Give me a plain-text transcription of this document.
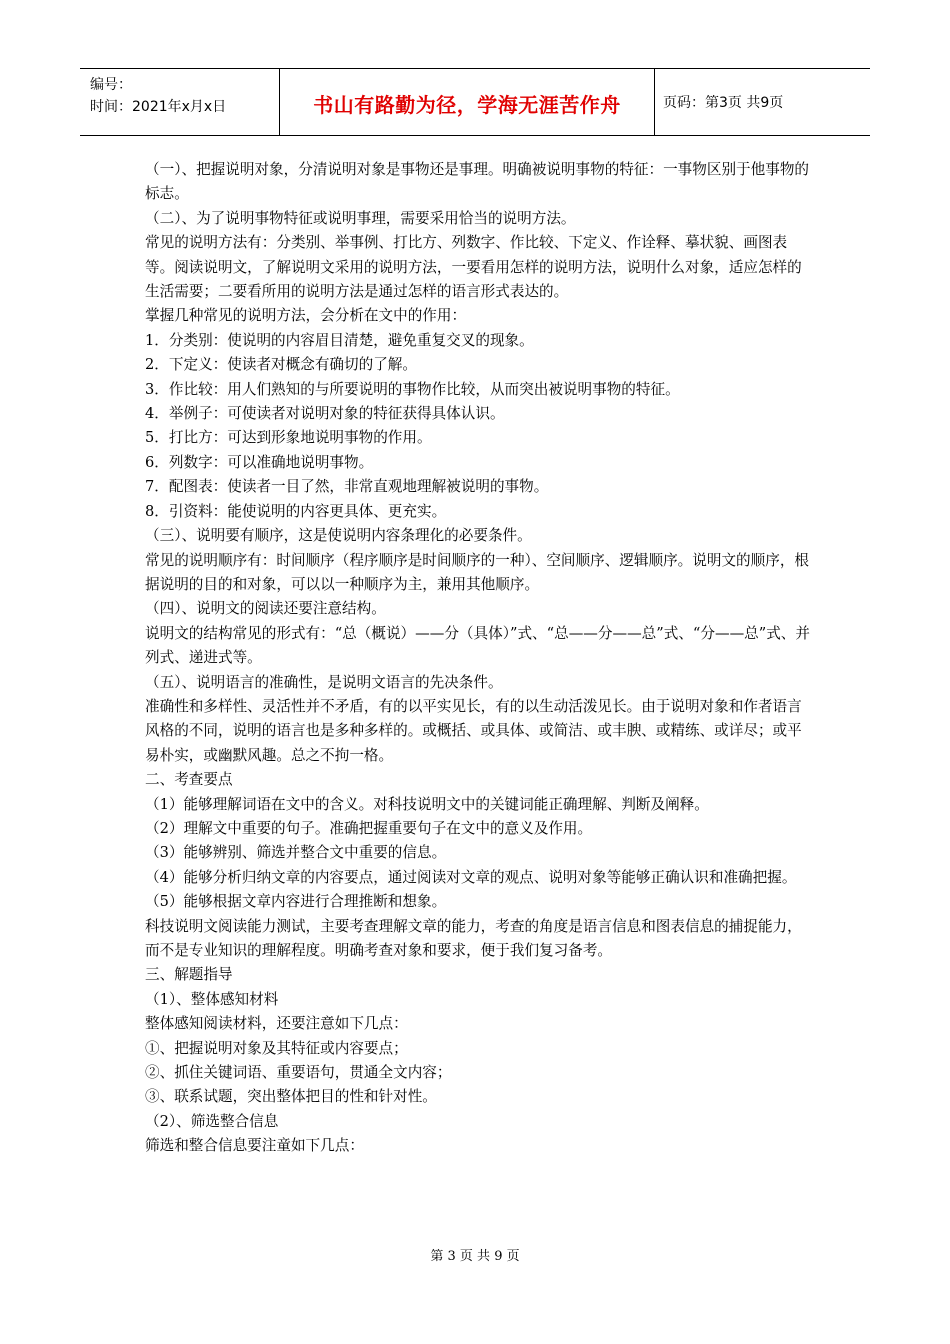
编号：
时间：2021年x月x日	书山有路勤为径，学海无涯苦作舟	页码：第3页 共9页

（一）、把握说明对象，分清说明对象是事物还是事理。明确被说明事物的特征：一事物区别于他事物的标志。

（二）、为了说明事物特征或说明事理，需要采用恰当的说明方法。

常见的说明方法有：分类别、举事例、打比方、列数字、作比较、下定义、作诠释、摹状貌、画图表等。阅读说明文，了解说明文采用的说明方法，一要看用怎样的说明方法，说明什么对象，适应怎样的生活需要；二要看所用的说明方法是通过怎样的语言形式表达的。

掌握几种常见的说明方法，会分析在文中的作用：

1．分类别：使说明的内容眉目清楚，避免重复交叉的现象。

2．下定义：使读者对概念有确切的了解。

3．作比较：用人们熟知的与所要说明的事物作比较，从而突出被说明事物的特征。

4．举例子：可使读者对说明对象的特征获得具体认识。

5．打比方：可达到形象地说明事物的作用。

6．列数字：可以准确地说明事物。

7．配图表：使读者一目了然，非常直观地理解被说明的事物。

8．引资料：能使说明的内容更具体、更充实。

（三）、说明要有顺序，这是使说明内容条理化的必要条件。

常见的说明顺序有：时间顺序（程序顺序是时间顺序的一种）、空间顺序、逻辑顺序。说明文的顺序，根据说明的目的和对象，可以以一种顺序为主，兼用其他顺序。

（四）、说明文的阅读还要注意结构。

说明文的结构常见的形式有：“总（概说）——分（具体）”式、“总——分——总”式、“分——总”式、并列式、递进式等。

（五）、说明语言的准确性，是说明文语言的先决条件。

准确性和多样性、灵活性并不矛盾，有的以平实见长，有的以生动活泼见长。由于说明对象和作者语言风格的不同，说明的语言也是多种多样的。或概括、或具体、或简洁、或丰腴、或精练、或详尽；或平易朴实，或幽默风趣。总之不拘一格。

二、考查要点

（1）能够理解词语在文中的含义。对科技说明文中的关键词能正确理解、判断及阐释。

（2）理解文中重要的句子。准确把握重要句子在文中的意义及作用。

（3）能够辨别、筛选并整合文中重要的信息。

（4）能够分析归纳文章的内容要点，通过阅读对文章的观点、说明对象等能够正确认识和准确把握。

（5）能够根据文章内容进行合理推断和想象。

科技说明文阅读能力测试，主要考查理解文章的能力，考查的角度是语言信息和图表信息的捕捉能力，而不是专业知识的理解程度。明确考查对象和要求，便于我们复习备考。

三、解题指导

（1）、整体感知材料

整体感知阅读材料，还要注意如下几点：

①、把握说明对象及其特征或内容要点；

②、抓住关键词语、重要语句，贯通全文内容；

③、联系试题，突出整体把目的性和针对性。

（2）、筛选整合信息

筛选和整合信息要注童如下几点：

第 3 页 共 9 页
